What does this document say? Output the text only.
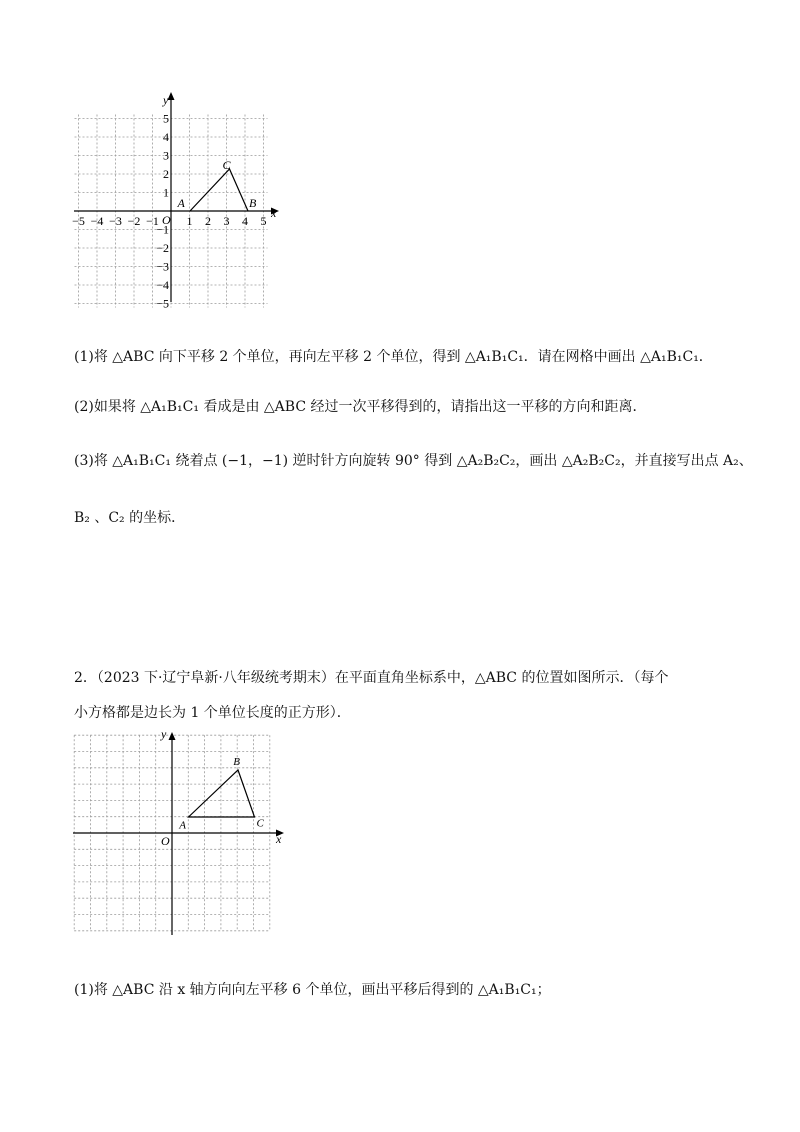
−5 −4 −3 −2 −1 1 2 3 4 5
5
4
3
2
1
−1
−2
−3
−4
−5
x
y
O
A
C
B
(1)将 △ABC 向下平移 2 个单位，再向左平移 2 个单位，得到 △A₁B₁C₁．请在网格中画出 △A₁B₁C₁．
(2)如果将 △A₁B₁C₁ 看成是由 △ABC 经过一次平移得到的，请指出这一平移的方向和距离．
(3)将 △A₁B₁C₁ 绕着点 (−1，−1) 逆时针方向旋转 90° 得到 △A₂B₂C₂，画出 △A₂B₂C₂，并直接写出点 A₂、
B₂ 、C₂ 的坐标．
2．（2023 下·辽宁阜新·八年级统考期末）在平面直角坐标系中，△ABC 的位置如图所示．（每个
小方格都是边长为 1 个单位长度的正方形）．
x
y
O
A
B
C
(1)将 △ABC 沿 x 轴方向向左平移 6 个单位，画出平移后得到的 △A₁B₁C₁；
